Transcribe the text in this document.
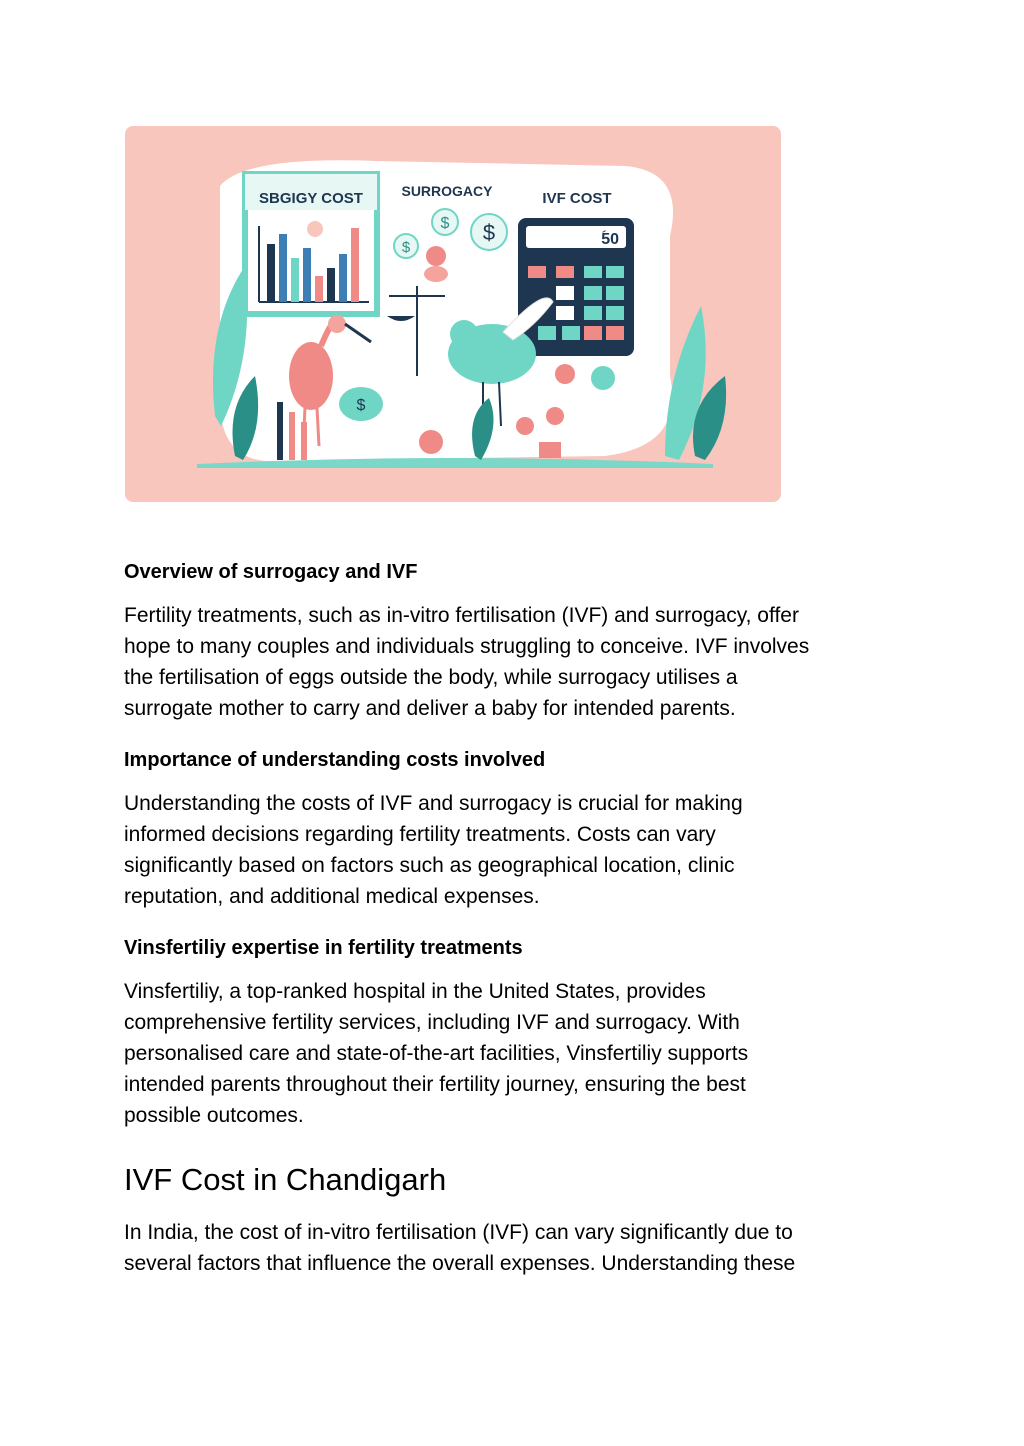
SBGIGY COST	SURROGACY
$ $
$
IVF COST
ؘ50
$
Overview of surrogacy and IVF

Fertility treatments, such as in-vitro fertilisation (IVF) and surrogacy, offer
hope to many couples and individuals struggling to conceive. IVF involves
the fertilisation of eggs outside the body, while surrogacy utilises a
surrogate mother to carry and deliver a baby for intended parents.

Importance of understanding costs involved

Understanding the costs of IVF and surrogacy is crucial for making
informed decisions regarding fertility treatments. Costs can vary
significantly based on factors such as geographical location, clinic
reputation, and additional medical expenses.

Vinsfertiliy expertise in fertility treatments

Vinsfertiliy, a top-ranked hospital in the United States, provides
comprehensive fertility services, including IVF and surrogacy. With
personalised care and state-of-the-art facilities, Vinsfertiliy supports
intended parents throughout their fertility journey, ensuring the best
possible outcomes.

IVF Cost in Chandigarh

In India, the cost of in-vitro fertilisation (IVF) can vary significantly due to
several factors that influence the overall expenses. Understanding these
